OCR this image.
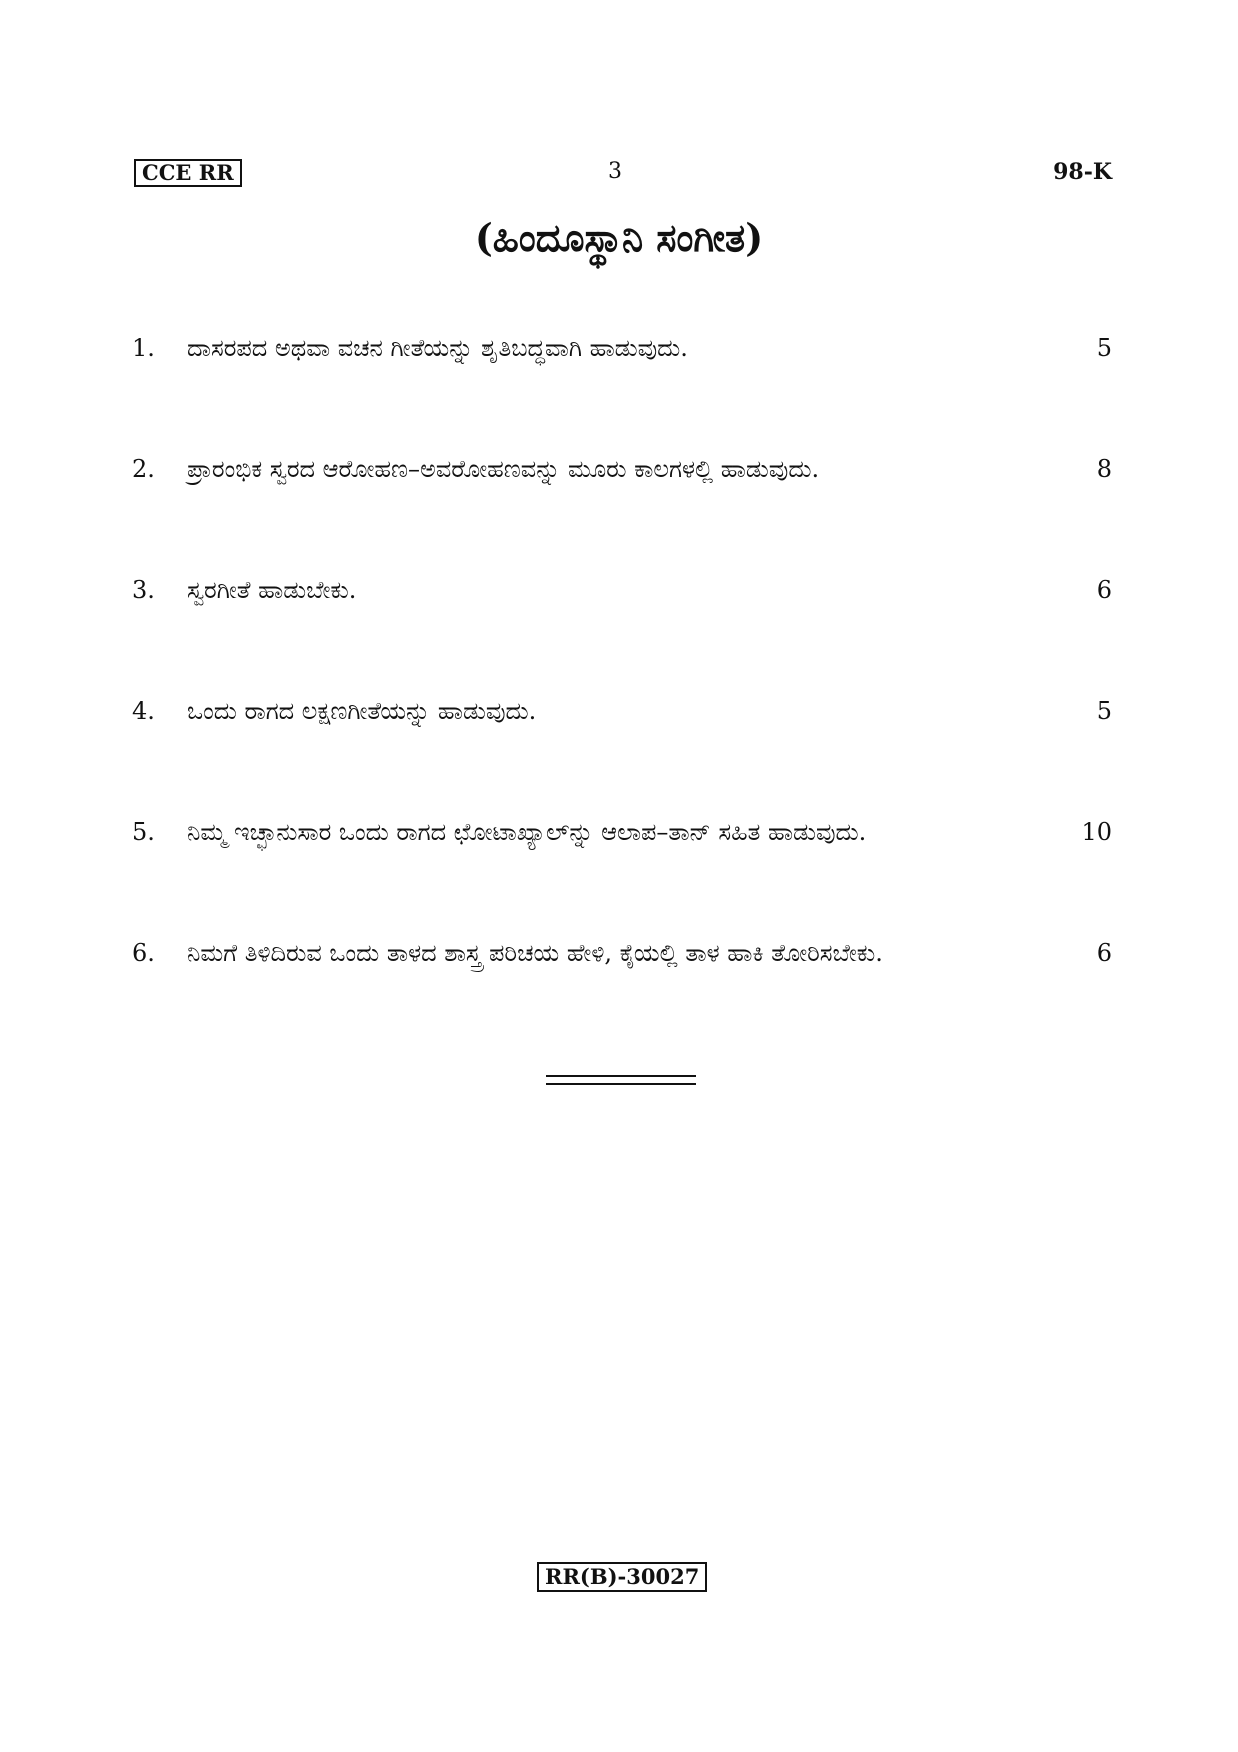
CCE RR	3	98-K
(ಹಿಂದೂಸ್ಥಾನಿ ಸಂಗೀತ)
1.	ದಾಸರಪದ ಅಥವಾ ವಚನ ಗೀತೆಯನ್ನು ಶೃತಿಬದ್ಧವಾಗಿ ಹಾಡುವುದು.	5
2.	ಪ್ರಾರಂಭಿಕ ಸ್ವರದ ಆರೋಹಣ–ಅವರೋಹಣವನ್ನು ಮೂರು ಕಾಲಗಳಲ್ಲಿ ಹಾಡುವುದು.	8
3.	ಸ್ವರಗೀತೆ ಹಾಡುಬೇಕು.	6
4.	ಒಂದು ರಾಗದ ಲಕ್ಷಣಗೀತೆಯನ್ನು ಹಾಡುವುದು.	5
5.	ನಿಮ್ಮ ಇಚ್ಛಾನುಸಾರ ಒಂದು ರಾಗದ ಛೋಟಾಖ್ಯಾಲ್‌ನ್ನು ಆಲಾಪ–ತಾನ್ ಸಹಿತ ಹಾಡುವುದು.	10
6.	ನಿಮಗೆ ತಿಳಿದಿರುವ ಒಂದು ತಾಳದ ಶಾಸ್ತ್ರ ಪರಿಚಯ ಹೇಳಿ, ಕೈಯಲ್ಲಿ ತಾಳ ಹಾಕಿ ತೋರಿಸಬೇಕು.	6
RR(B)-30027
